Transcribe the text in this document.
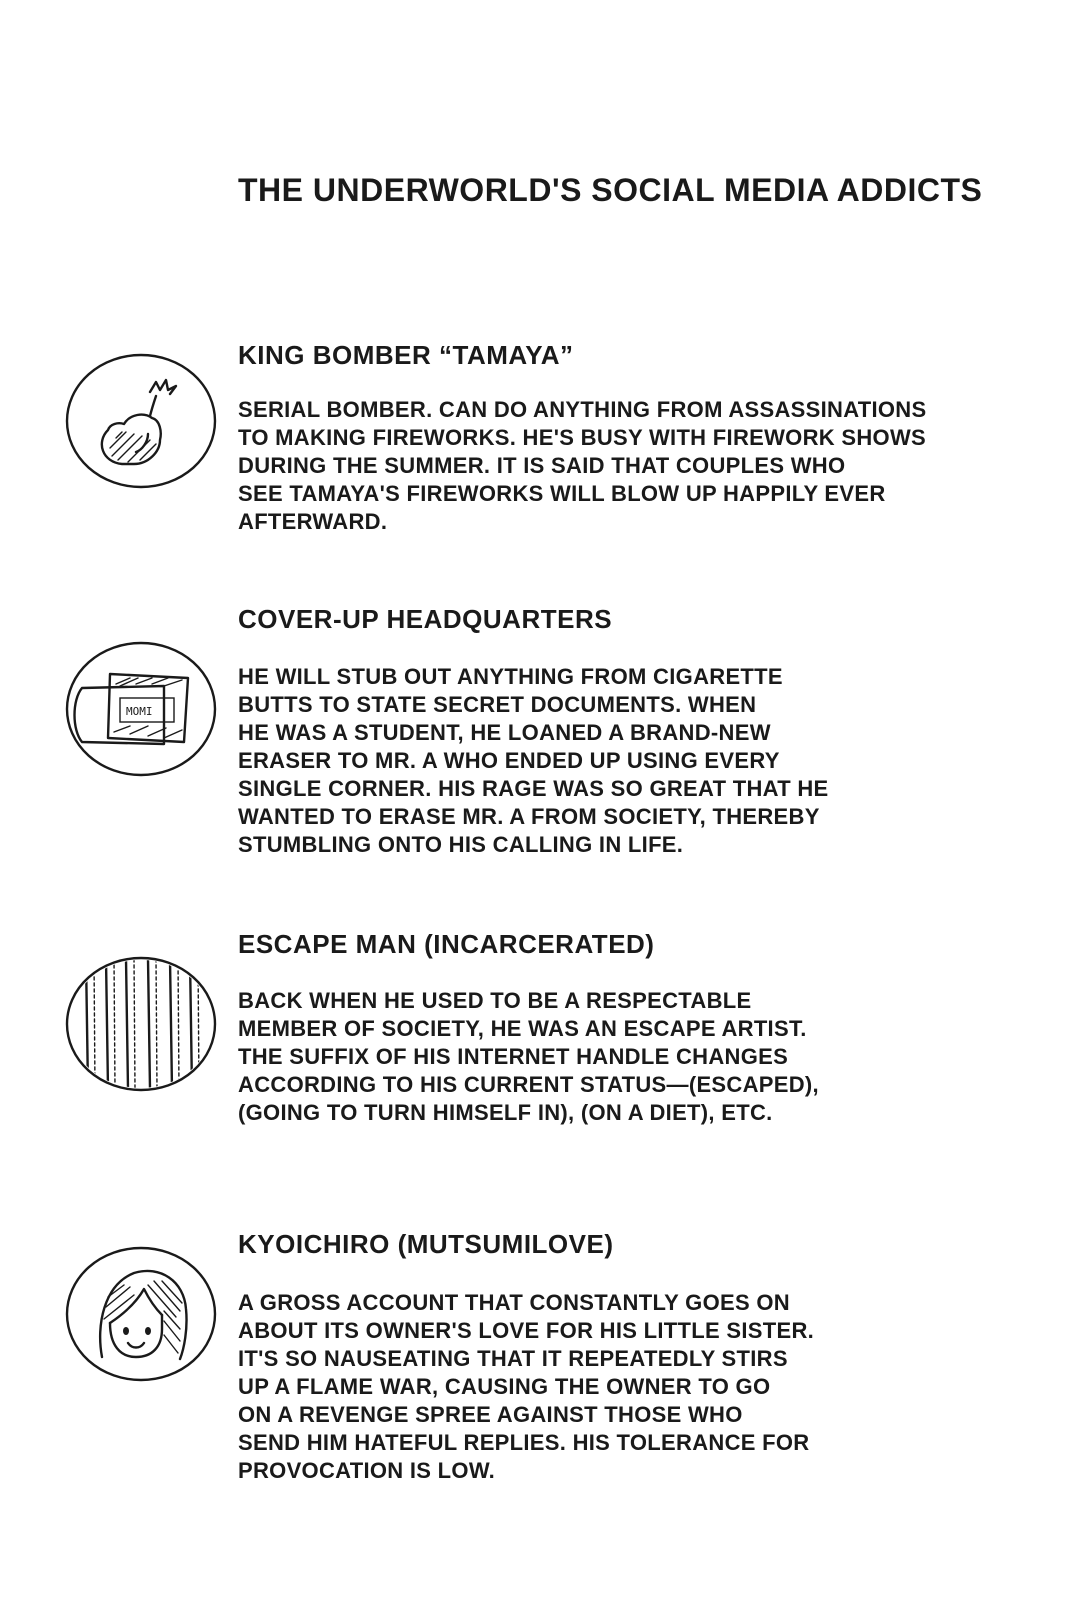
THE UNDERWORLD'S SOCIAL MEDIA ADDICTS
KING BOMBER “TAMAYA”
SERIAL BOMBER. CAN DO ANYTHING FROM ASSASSINATIONS
TO MAKING FIREWORKS. HE'S BUSY WITH FIREWORK SHOWS
DURING THE SUMMER. IT IS SAID THAT COUPLES WHO
SEE TAMAYA'S FIREWORKS WILL BLOW UP HAPPILY EVER
AFTERWARD.
MOMI
COVER-UP HEADQUARTERS
HE WILL STUB OUT ANYTHING FROM CIGARETTE
BUTTS TO STATE SECRET DOCUMENTS. WHEN
HE WAS A STUDENT, HE LOANED A BRAND-NEW
ERASER TO MR. A WHO ENDED UP USING EVERY
SINGLE CORNER. HIS RAGE WAS SO GREAT THAT HE
WANTED TO ERASE MR. A FROM SOCIETY, THEREBY
STUMBLING ONTO HIS CALLING IN LIFE.
ESCAPE MAN (INCARCERATED)
BACK WHEN HE USED TO BE A RESPECTABLE
MEMBER OF SOCIETY, HE WAS AN ESCAPE ARTIST.
THE SUFFIX OF HIS INTERNET HANDLE CHANGES
ACCORDING TO HIS CURRENT STATUS—(ESCAPED),
(GOING TO TURN HIMSELF IN), (ON A DIET), ETC.
KYOICHIRO (MUTSUMILOVE)
A GROSS ACCOUNT THAT CONSTANTLY GOES ON
ABOUT ITS OWNER'S LOVE FOR HIS LITTLE SISTER.
IT'S SO NAUSEATING THAT IT REPEATEDLY STIRS
UP A FLAME WAR, CAUSING THE OWNER TO GO
ON A REVENGE SPREE AGAINST THOSE WHO
SEND HIM HATEFUL REPLIES. HIS TOLERANCE FOR
PROVOCATION IS LOW.
